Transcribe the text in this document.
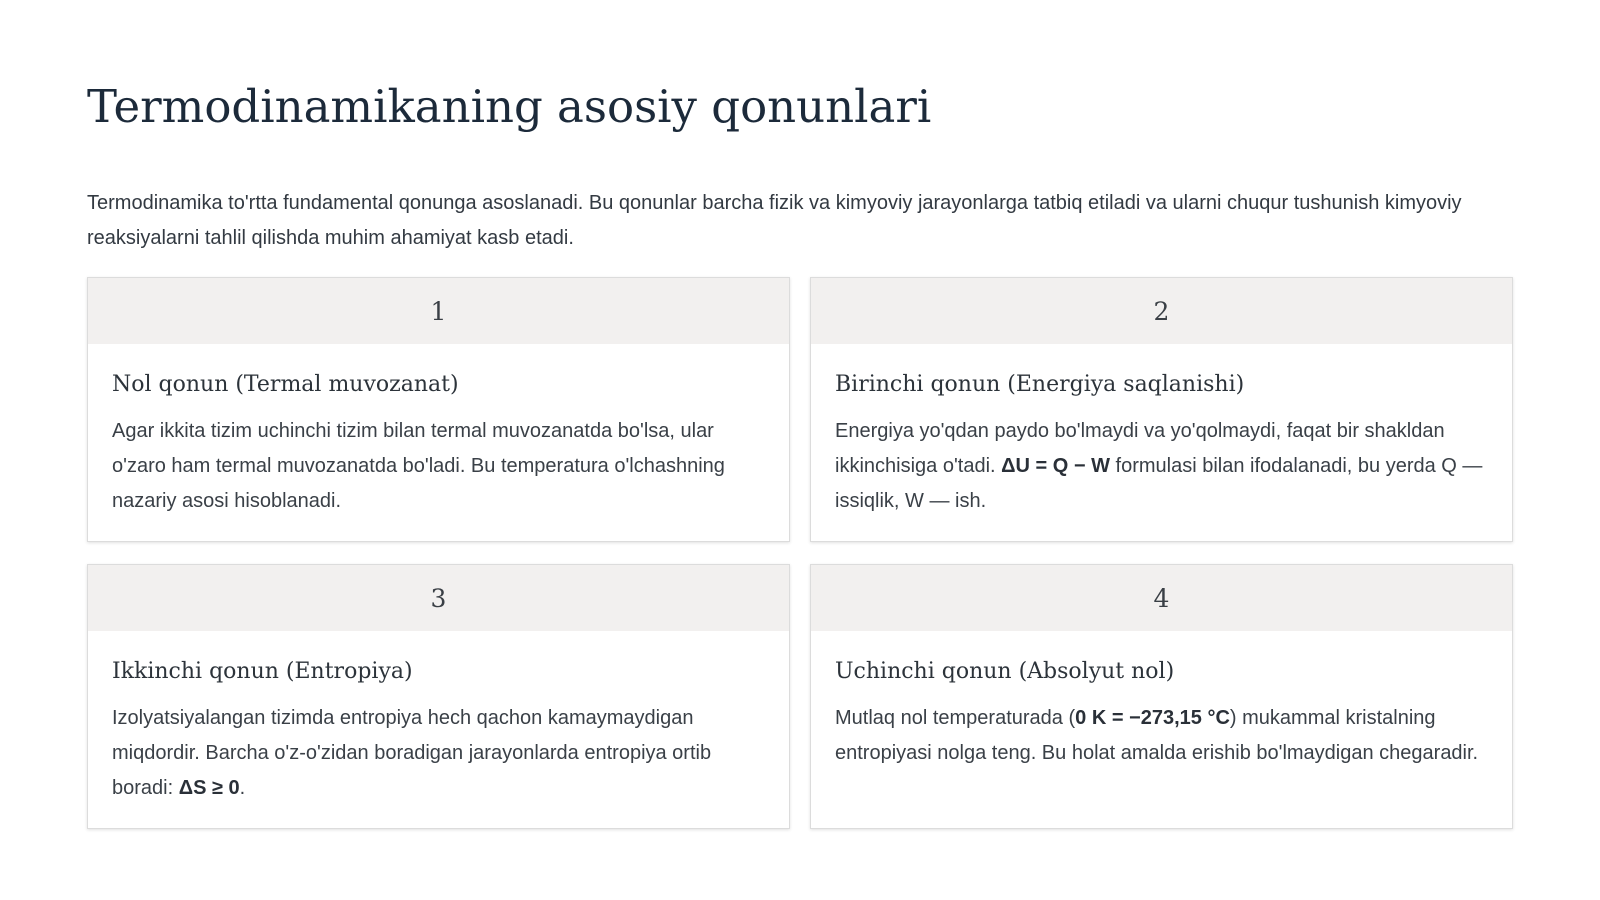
Termodinamikaning asosiy qonunlari

Termodinamika to'rtta fundamental qonunga asoslanadi. Bu qonunlar barcha fizik va kimyoviy jarayonlarga tatbiq etiladi va ularni chuqur tushunish kimyoviy reaksiyalarni tahlil qilishda muhim ahamiyat kasb etadi.

1
Nol qonun (Termal muvozanat)

Agar ikkita tizim uchinchi tizim bilan termal muvozanatda bo'lsa, ular o'zaro ham termal muvozanatda bo'ladi. Bu temperatura o'lchashning nazariy asosi hisoblanadi.

2
Birinchi qonun (Energiya saqlanishi)

Energiya yo'qdan paydo bo'lmaydi va yo'qolmaydi, faqat bir shakldan ikkinchisiga o'tadi. ΔU = Q − W formulasi bilan ifodalanadi, bu yerda Q — issiqlik, W — ish.

3
Ikkinchi qonun (Entropiya)

Izolyatsiyalangan tizimda entropiya hech qachon kamaymaydigan miqdordir. Barcha o'z-o'zidan boradigan jarayonlarda entropiya ortib boradi: ΔS ≥ 0.

4
Uchinchi qonun (Absolyut nol)

Mutlaq nol temperaturada (0 K = −273,15 °C) mukammal kristalning entropiyasi nolga teng. Bu holat amalda erishib bo'lmaydigan chegaradir.
